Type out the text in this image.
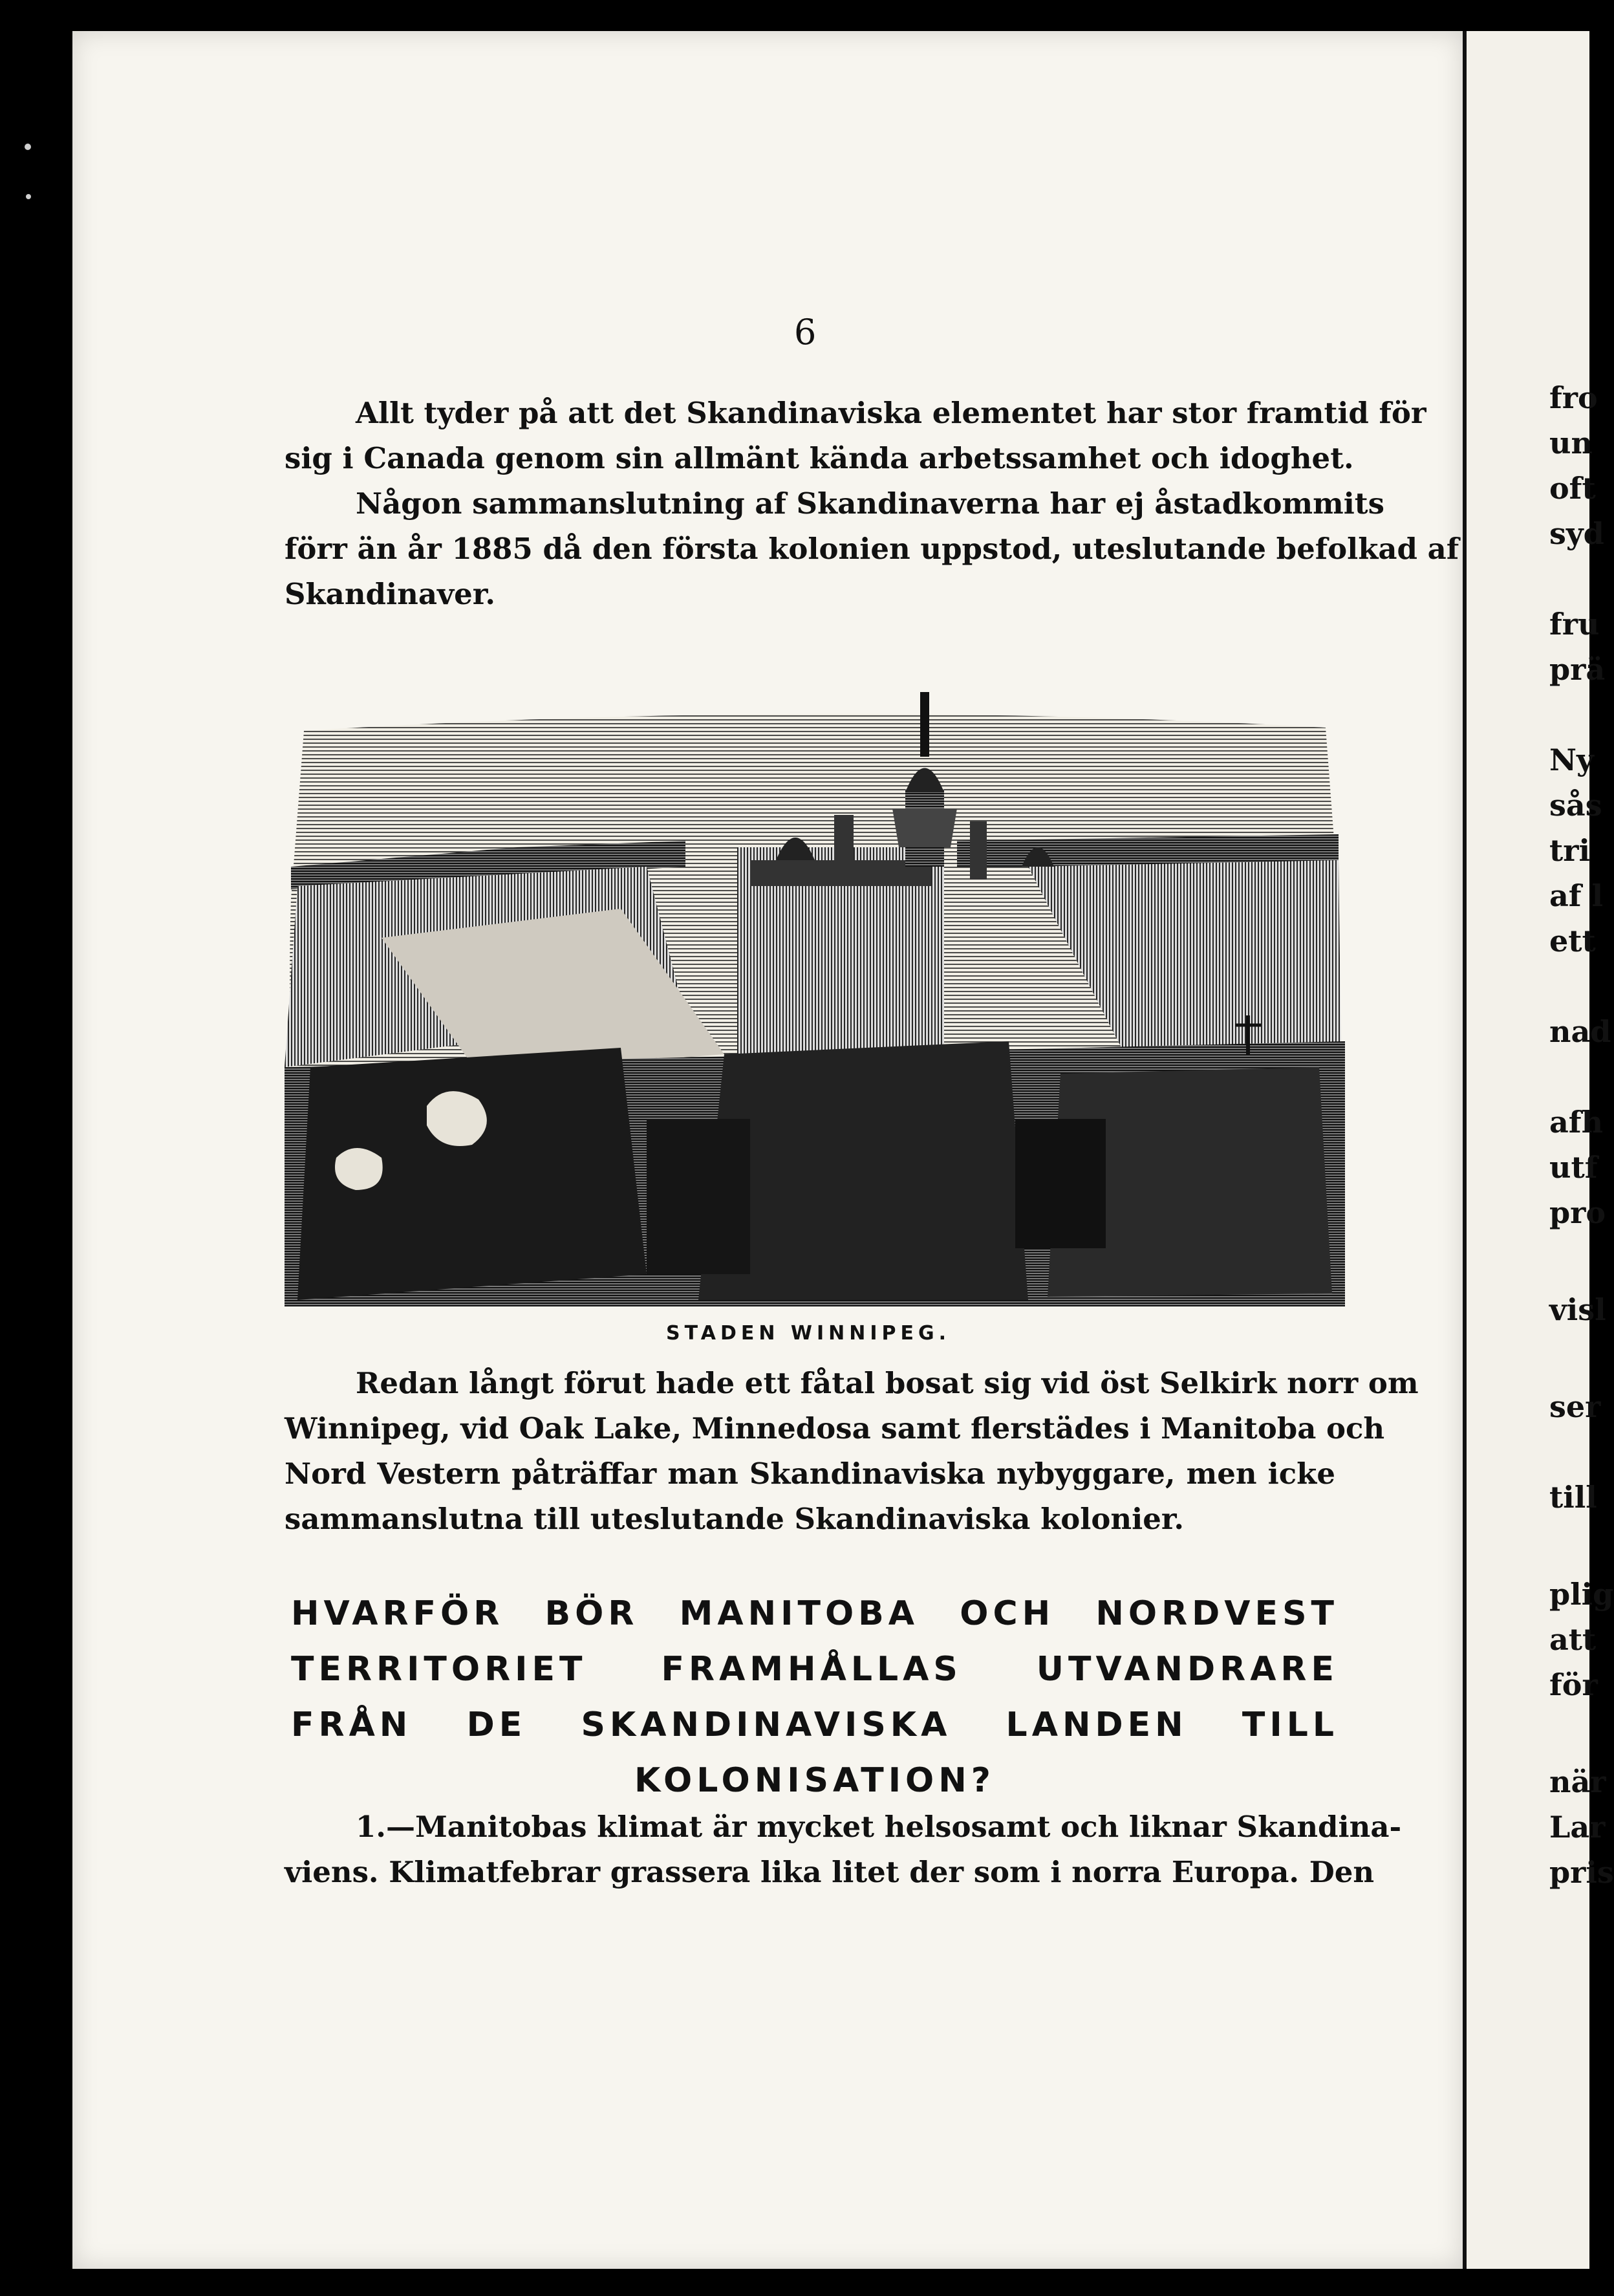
6
Allt tyder på att det Skandinaviska elementet har stor framtid för
sig i Canada genom sin allmänt kända arbetssamhet och idoghet.
Någon sammanslutning af Skandinaverna har ej åstadkommits
förr än år 1885 då den första kolonien uppstod, uteslutande befolkad af
Skandinaver.
STADEN WINNIPEG.
Redan långt förut hade ett fåtal bosat sig vid öst Selkirk norr om
Winnipeg, vid Oak Lake, Minnedosa samt flerstädes i Manitoba och
Nord Vestern påträffar man Skandinaviska nybyggare, men icke
sammanslutna till uteslutande Skandinaviska kolonier.
HVARFÖR BÖR MANITOBA OCH NORDVEST
TERRITORIET FRAMHÅLLAS UTVANDRARE
FRÅN DE SKANDINAVISKA LANDEN TILL
KOLONISATION?
1.—Manitobas klimat är mycket helsosamt och liknar Skandina-
viens. Klimatfebrar grassera lika litet der som i norra Europa. Den
fro
un
oft
syd
fru
prä
Ny
sås
tri
af l
ett
nad
afh
utf
pro
visl
ser
till
plig
att
för
när
Lar
pris
